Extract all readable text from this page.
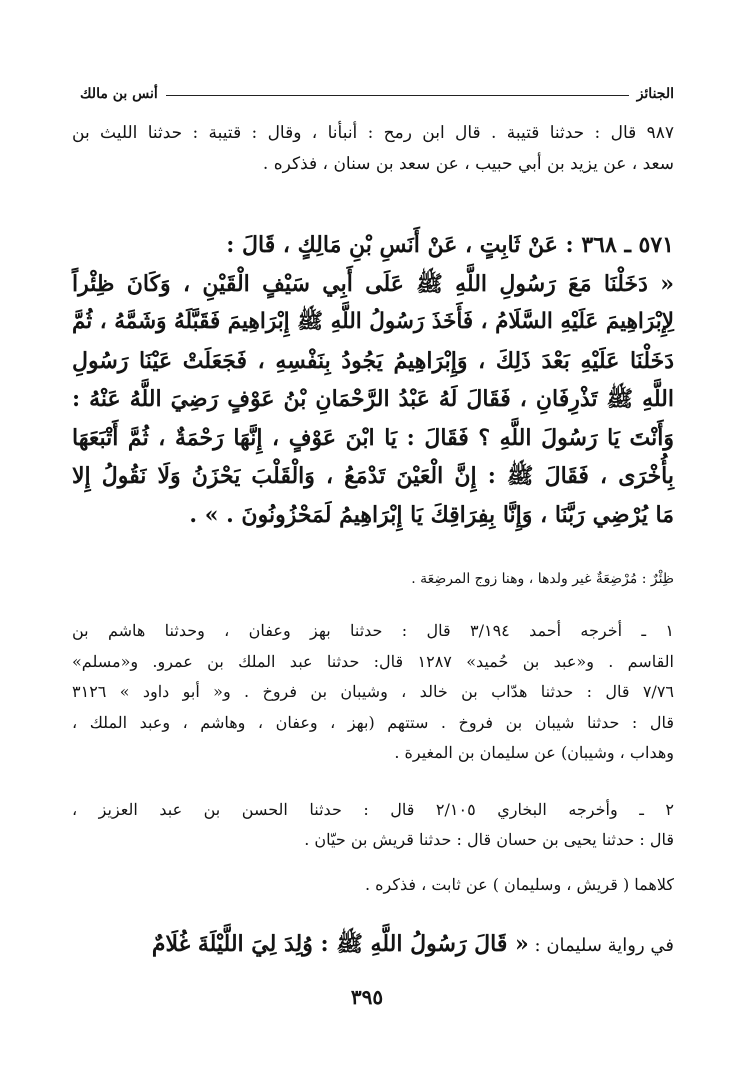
الجنائز
أنس بن مالك
٩٨٧ قال : حدثنا قتيبة . قال ابن رمح : أنبأنا ، وقال : قتيبة : حدثنا الليث بن
سعد ، عن يزيد بن أبي حبيب ، عن سعد بن سنان ، فذكره .
٥٧١ ـ ٣٦٨ : عَنْ ثَابِتٍ ، عَنْ أَنَسِ بْنِ مَالِكٍ ، قَالَ :
« دَخَلْنَا مَعَ رَسُولِ اللَّهِ ﷺ عَلَى أَبِي سَيْفٍ الْقَيْنِ ، وَكَانَ ظِئْراً
لِإِبْرَاهِيمَ عَلَيْهِ السَّلَامُ ، فَأَخَذَ رَسُولُ اللَّهِ ﷺ إِبْرَاهِيمَ فَقَبَّلَهُ وَشَمَّهُ ، ثُمَّ
دَخَلْنَا عَلَيْهِ بَعْدَ ذَلِكَ ، وَإِبْرَاهِيمُ يَجُودُ بِنَفْسِهِ ، فَجَعَلَتْ عَيْنَا رَسُولِ
اللَّهِ ﷺ تَذْرِفَانِ ، فَقَالَ لَهُ عَبْدُ الرَّحْمَانِ بْنُ عَوْفٍ رَضِيَ اللَّهُ عَنْهُ :
وَأَنْتَ يَا رَسُولَ اللَّهِ ؟ فَقَالَ : يَا ابْنَ عَوْفٍ ، إِنَّهَا رَحْمَةٌ ، ثُمَّ أَتْبَعَهَا
بِأُخْرَى ، فَقَالَ ﷺ : إِنَّ الْعَيْنَ تَدْمَعُ ، وَالْقَلْبَ يَحْزَنُ وَلَا نَقُولُ إِلا
مَا يُرْضِي رَبَّنَا ، وَإِنَّا بِفِرَاقِكَ يَا إِبْرَاهِيمُ لَمَحْزُونُونَ . » .
ظِئْرٌ : مُرْضِعَةٌ غير ولدها ، وهنا زوج المرضِعَة .
١ ـ أخرجه أحمد ٣/١٩٤ قال : حدثنا بهز وعفان ، وحدثنا هاشم بن
القاسم . و«عبد بن حُميد» ١٢٨٧ قال: حدثنا عبد الملك بن عمرو. و«مسلم»
٧/٧٦ قال : حدثنا هدّاب بن خالد ، وشيبان بن فروخ . و« أبو داود » ٣١٢٦
قال : حدثنا شيبان بن فروخ . ستتهم (بهز ، وعفان ، وهاشم ، وعبد الملك ،
وهداب ، وشيبان) عن سليمان بن المغيرة .
٢ ـ وأخرجه البخاري ٢/١٠٥ قال : حدثنا الحسن بن عبد العزيز ،
قال : حدثنا يحيى بن حسان قال : حدثنا قريش بن حيّان .
كلاهما ( قريش ، وسليمان ) عن ثابت ، فذكره .
في رواية سليمان : « قَالَ رَسُولُ اللَّهِ ﷺ : وُلِدَ لِيَ اللَّيْلَةَ غُلَامٌ
٣٩٥
